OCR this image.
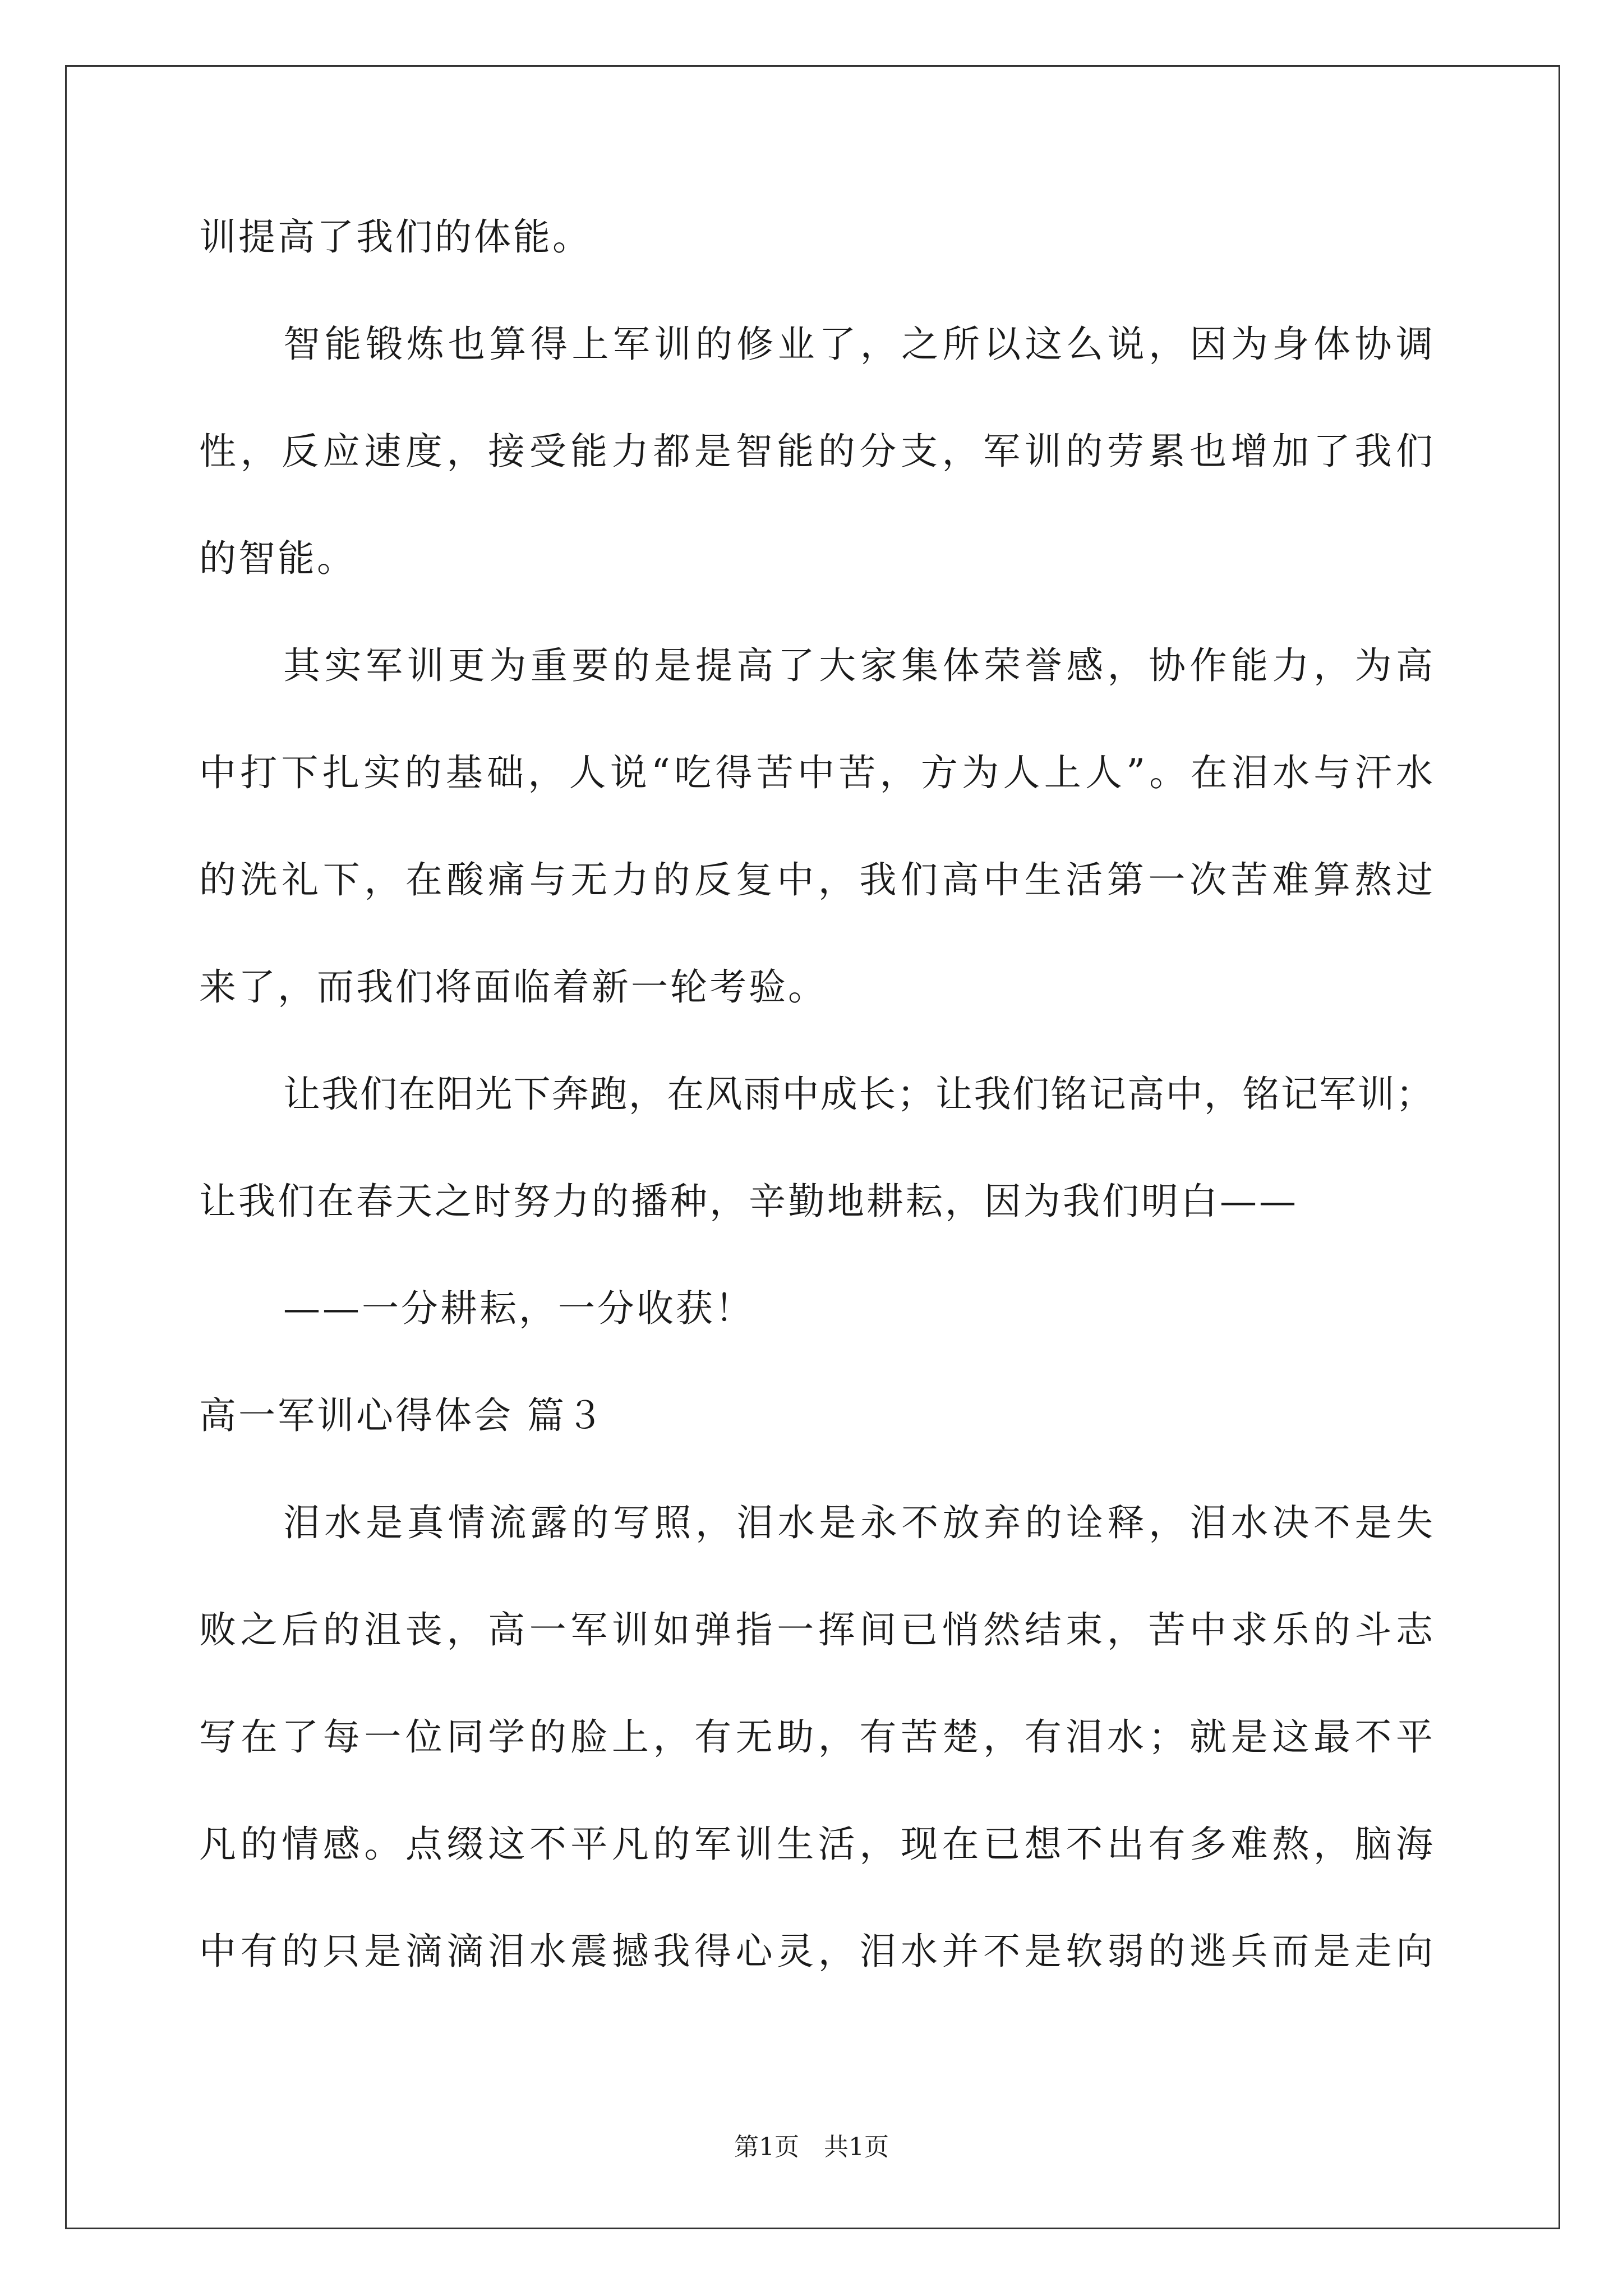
训提高了我们的体能。
智能锻炼也算得上军训的修业了，之所以这么说，因为身体协调
性，反应速度，接受能力都是智能的分支，军训的劳累也增加了我们
的智能。
其实军训更为重要的是提高了大家集体荣誉感，协作能力，为高
中打下扎实的基础，人说“吃得苦中苦，方为人上人”。在泪水与汗水
的洗礼下，在酸痛与无力的反复中，我们高中生活第一次苦难算熬过
来了，而我们将面临着新一轮考验。
让我们在阳光下奔跑，在风雨中成长；让我们铭记高中，铭记军训；
让我们在春天之时努力的播种，辛勤地耕耘，因为我们明白——
——一分耕耘，一分收获！
高一军训心得体会 篇３
泪水是真情流露的写照，泪水是永不放弃的诠释，泪水决不是失
败之后的沮丧，高一军训如弹指一挥间已悄然结束，苦中求乐的斗志
写在了每一位同学的脸上，有无助，有苦楚，有泪水；就是这最不平
凡的情感。点缀这不平凡的军训生活，现在已想不出有多难熬，脑海
中有的只是滴滴泪水震撼我得心灵，泪水并不是软弱的逃兵而是走向
第1页　共1页
